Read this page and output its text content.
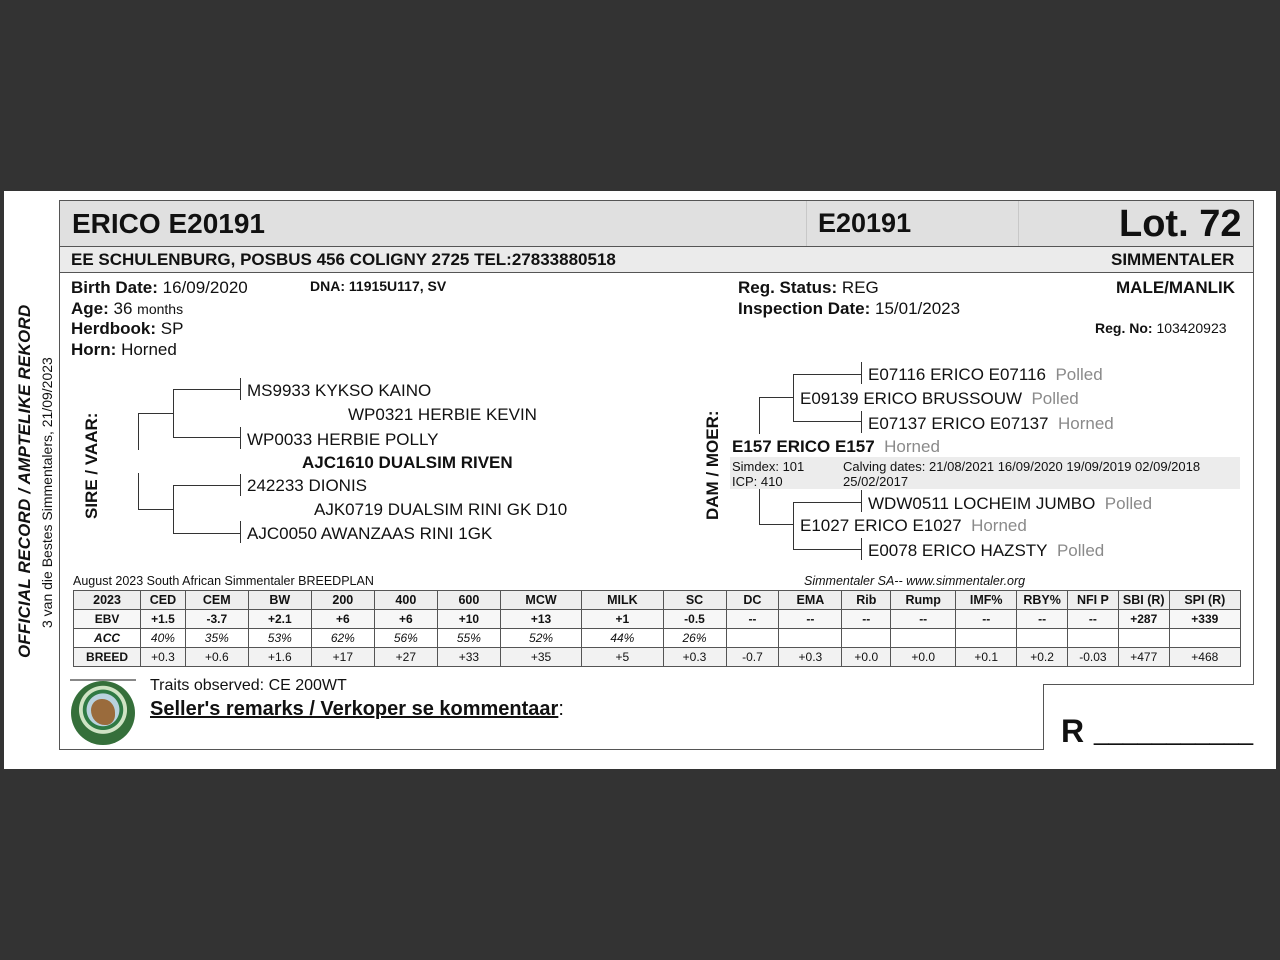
OFFICIAL RECORD / AMPTELIKE REKORD 3 van die Bestes Simmentalers, 21/09/2023
ERICO E20191	E20191	Lot. 72
EE SCHULENBURG, POSBUS 456 COLIGNY 2725 TEL:27833880518	SIMMENTALER
Birth Date: 16/09/2020	DNA: 11915U117, SV
Age: 36 months
Herdbook: SP
Horn: Horned
Reg. Status: REG
Inspection Date: 15/01/2023
MALE/MANLIK
Reg. No: 103420923
SIRE / VAAR:
MS9933 KYKSO KAINO
WP0321 HERBIE KEVIN
WP0033 HERBIE POLLY
AJC1610 DUALSIM RIVEN
242233 DIONIS
AJK0719 DUALSIM RINI GK D10
AJC0050 AWANZAAS RINI 1GK
DAM / MOER:
E07116 ERICO E07116 Polled
E09139 ERICO BRUSSOUW Polled
E07137 ERICO E07137 Horned
E157 ERICO E157 Horned
Simdex: 101
ICP: 410
Calving dates: 21/08/2021 16/09/2020 19/09/2019 02/09/2018
25/02/2017
WDW0511 LOCHEIM JUMBO Polled
E1027 ERICO E1027 Horned
E0078 ERICO HAZSTY Polled
August 2023 South African Simmentaler BREEDPLAN	Simmentaler SA-- www.simmentaler.org
2023	CED	CEM	BW	200	400	600	MCW	MILK	SC	DC	EMA	Rib	Rump	IMF%	RBY%	NFI P	SBI (R)	SPI (R)
EBV	+1.5	-3.7	+2.1	+6	+6	+10	+13	+1	-0.5	--	--	--	--	--	--	--	+287	+339
ACC	40%	35%	53%	62%	56%	55%	52%	44%	26%									
BREED	+0.3	+0.6	+1.6	+17	+27	+33	+35	+5	+0.3	-0.7	+0.3	+0.0	+0.0	+0.1	+0.2	-0.03	+477	+468
Traits observed: CE 200WT
Seller's remarks / Verkoper se kommentaar:
R ___________
